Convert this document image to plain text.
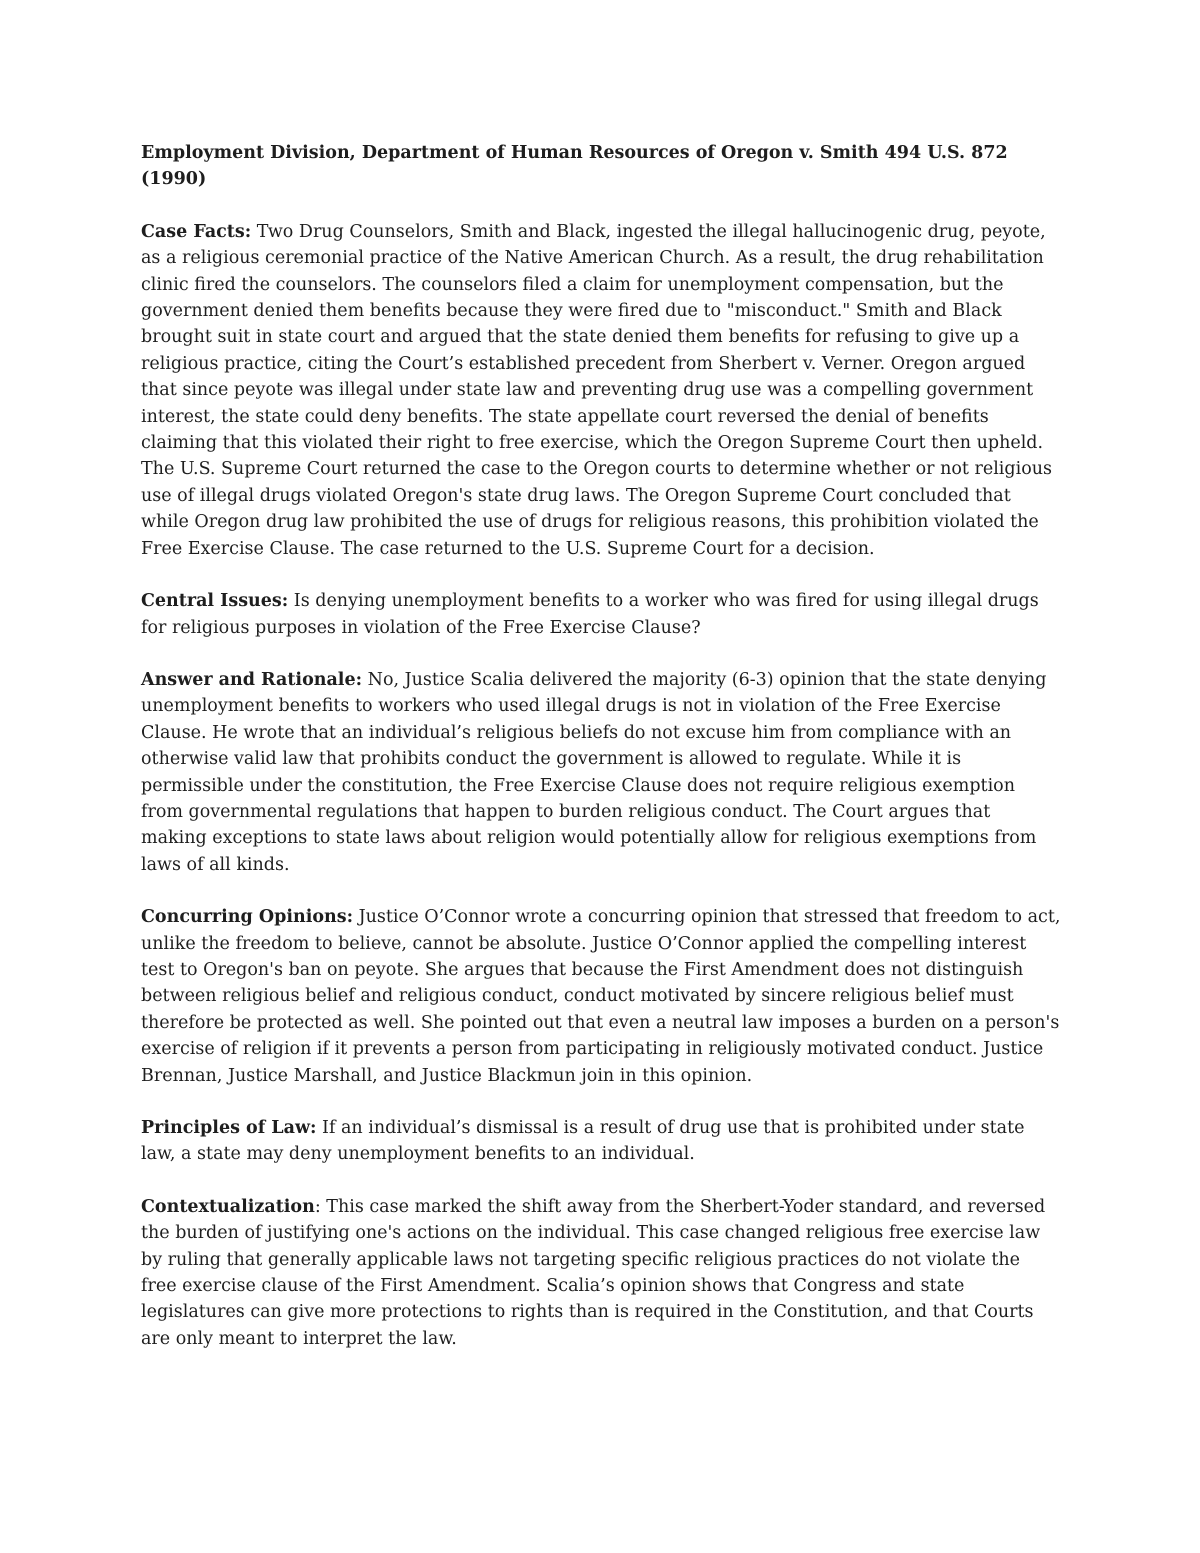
Employment Division, Department of Human Resources of Oregon v. Smith 494 U.S. 872 (1990)

Case Facts: Two Drug Counselors, Smith and Black, ingested the illegal hallucinogenic drug, peyote, as a religious ceremonial practice of the Native American Church. As a result, the drug rehabilitation clinic fired the counselors. The counselors filed a claim for unemployment compensation, but the government denied them benefits because they were fired due to "misconduct." Smith and Black brought suit in state court and argued that the state denied them benefits for refusing to give up a religious practice, citing the Court’s established precedent from Sherbert v. Verner. Oregon argued that since peyote was illegal under state law and preventing drug use was a compelling government interest, the state could deny benefits. The state appellate court reversed the denial of benefits claiming that this violated their right to free exercise, which the Oregon Supreme Court then upheld. The U.S. Supreme Court returned the case to the Oregon courts to determine whether or not religious use of illegal drugs violated Oregon's state drug laws. The Oregon Supreme Court concluded that while Oregon drug law prohibited the use of drugs for religious reasons, this prohibition violated the Free Exercise Clause. The case returned to the U.S. Supreme Court for a decision.

Central Issues: Is denying unemployment benefits to a worker who was fired for using illegal drugs for religious purposes in violation of the Free Exercise Clause?

Answer and Rationale: No, Justice Scalia delivered the majority (6-3) opinion that the state denying unemployment benefits to workers who used illegal drugs is not in violation of the Free Exercise Clause. He wrote that an individual’s religious beliefs do not excuse him from compliance with an otherwise valid law that prohibits conduct the government is allowed to regulate. While it is permissible under the constitution, the Free Exercise Clause does not require religious exemption from governmental regulations that happen to burden religious conduct. The Court argues that making exceptions to state laws about religion would potentially allow for religious exemptions from laws of all kinds.

Concurring Opinions: Justice O’Connor wrote a concurring opinion that stressed that freedom to act, unlike the freedom to believe, cannot be absolute. Justice O’Connor applied the compelling interest test to Oregon's ban on peyote. She argues that because the First Amendment does not distinguish between religious belief and religious conduct, conduct motivated by sincere religious belief must therefore be protected as well. She pointed out that even a neutral law imposes a burden on a person's exercise of religion if it prevents a person from participating in religiously motivated conduct. Justice Brennan, Justice Marshall, and Justice Blackmun join in this opinion.

Principles of Law: If an individual’s dismissal is a result of drug use that is prohibited under state law, a state may deny unemployment benefits to an individual.

Contextualization: This case marked the shift away from the Sherbert-Yoder standard, and reversed the burden of justifying one's actions on the individual. This case changed religious free exercise law by ruling that generally applicable laws not targeting specific religious practices do not violate the free exercise clause of the First Amendment. Scalia’s opinion shows that Congress and state legislatures can give more protections to rights than is required in the Constitution, and that Courts are only meant to interpret the law.
